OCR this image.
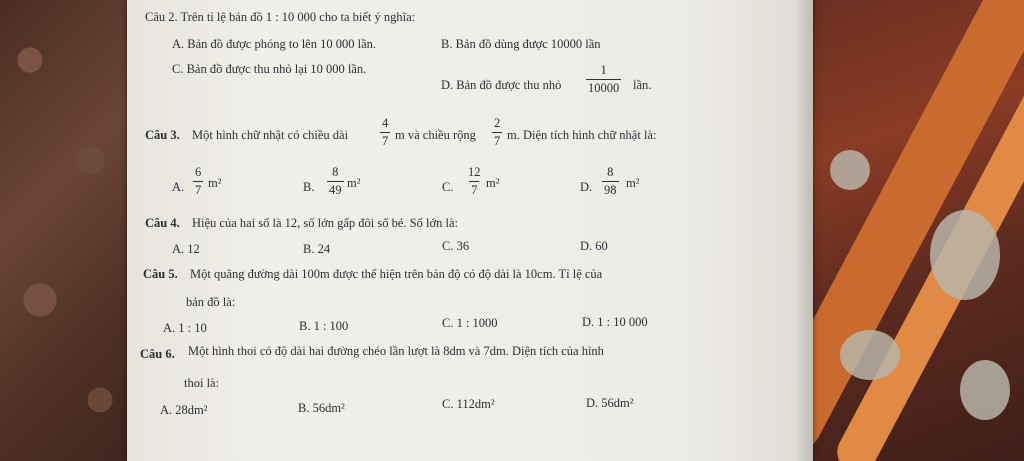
Câu 2. Trên tỉ lệ bản đồ 1 : 10 000 cho ta biết ý nghĩa:
A. Bản đồ được phóng to lên 10 000 lần.	B. Bản đồ dùng được 10000 lần
C. Bản đồ được thu nhỏ lại 10 000 lần.
D. Bản đồ được thu nhỏ $\frac{1}{10000}$ lần.
Câu 3. Một hình chữ nhật có chiều dài	$\frac{4}{7}$ m và chiều rộng $\frac{2}{7} m$. Diện tích hình chữ nhật là:
A. $\frac{6}{7} m^2$	B. $\frac{8}{49} m^2$	C. $\frac{12}{7} m^2$	D. $\frac{8}{98} m^2$
Câu 4. Hiệu của hai số là 12, số lớn gấp đôi số bé. Số lớn là:
A. 12	B. 24	C. 36	D. 60
Câu 5. Một quãng đường dài 100m được thể hiện trên bản độ có độ dài là 10cm. Tỉ lệ của
bản đồ là:
A. 1 : 10	B. 1 : 100	C. 1 : 1000	D. 1 : 10 000
Câu 6. Một hình thoi có độ dài hai đường chéo lần lượt là 8dm và 7dm. Diện tích của hình
thoi là:
A. 28dm²	B. 56dm²	C. 112dm²	D. 56dm²
